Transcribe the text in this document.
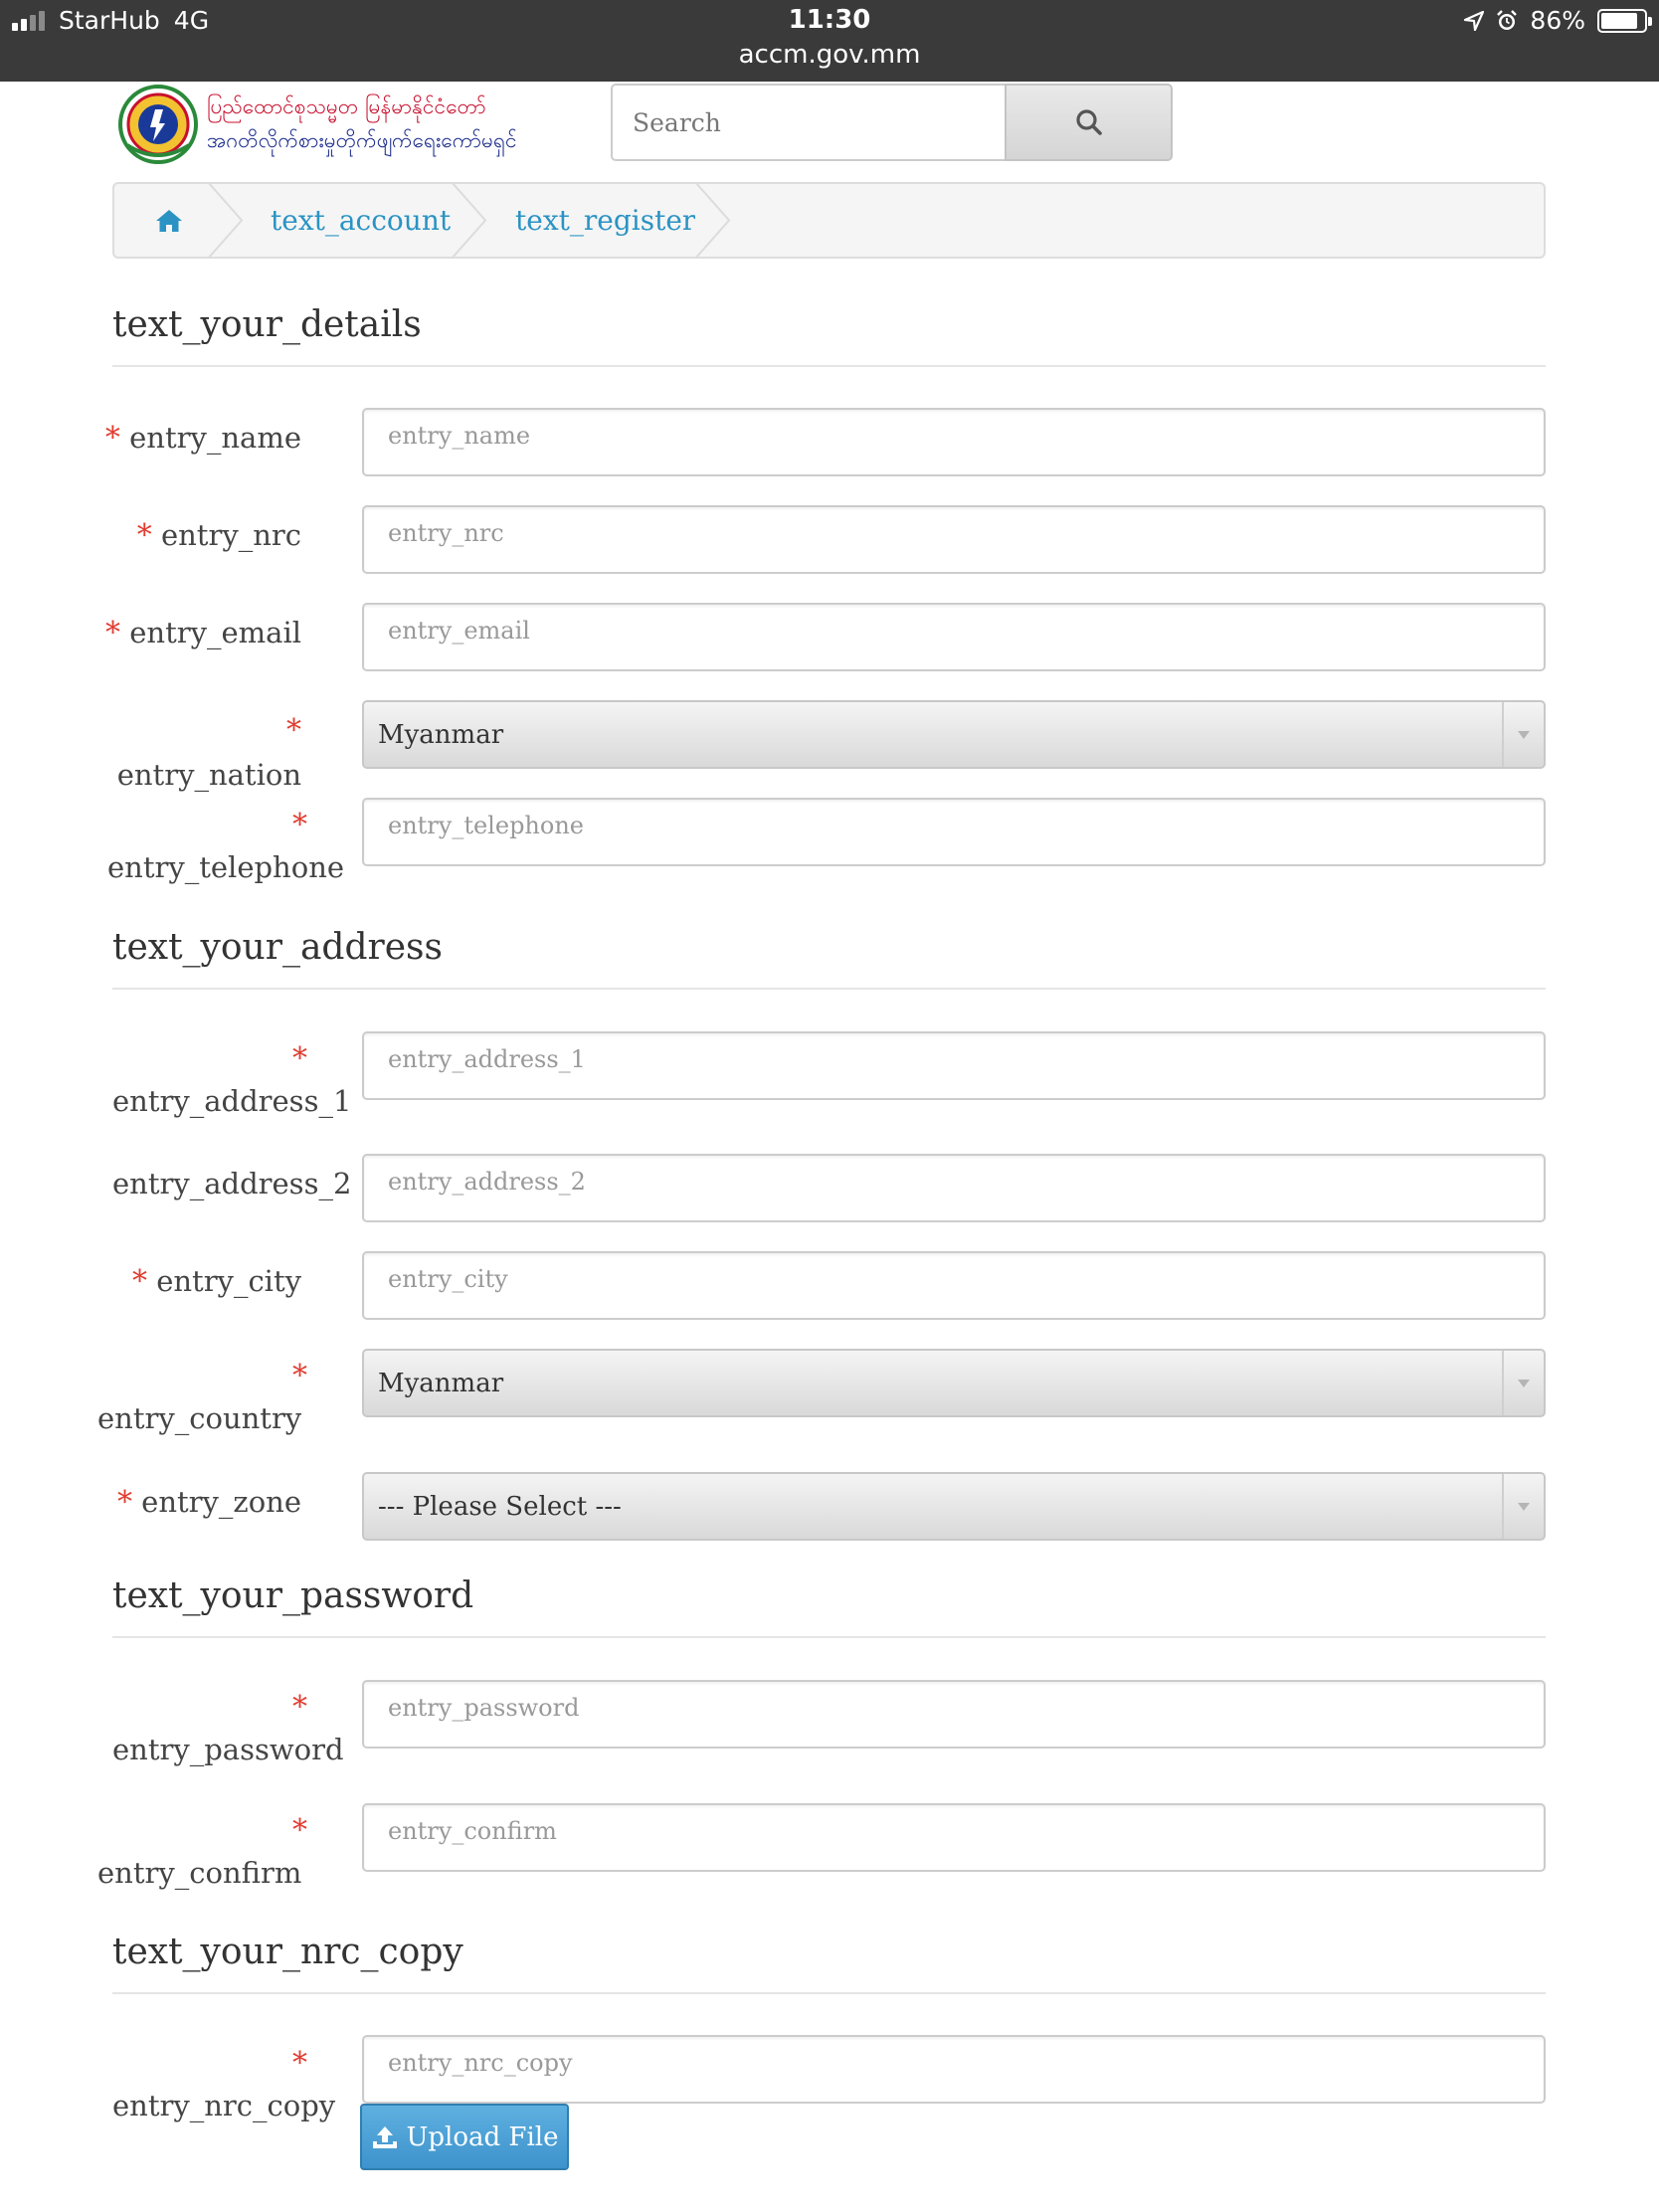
StarHub 4G	11:30
accm.gov.mm
86%
ပြည်ထောင်စုသမ္မတ မြန်မာနိုင်ငံတော်
အဂတိလိုက်စားမှုတိုက်ဖျက်ရေးကော်မရှင်
Search
text_account text_register
text_your_details
* entry_name
entry_name
* entry_nrc
entry_nrc
* entry_email
entry_email
* entry_nation
Myanmar
*
entry_telephone
entry_telephone
text_your_address
*
entry_address_1
entry_address_1
entry_address_2
entry_address_2
* entry_city
entry_city
*
entry_country
Myanmar
* entry_zone	--- Please Select ---
text_your_password
*
entry_password
*
entry_confirm
text_your_nrc_copy
*
entry_nrc_copy
entry_nrc_copy
Upload File
